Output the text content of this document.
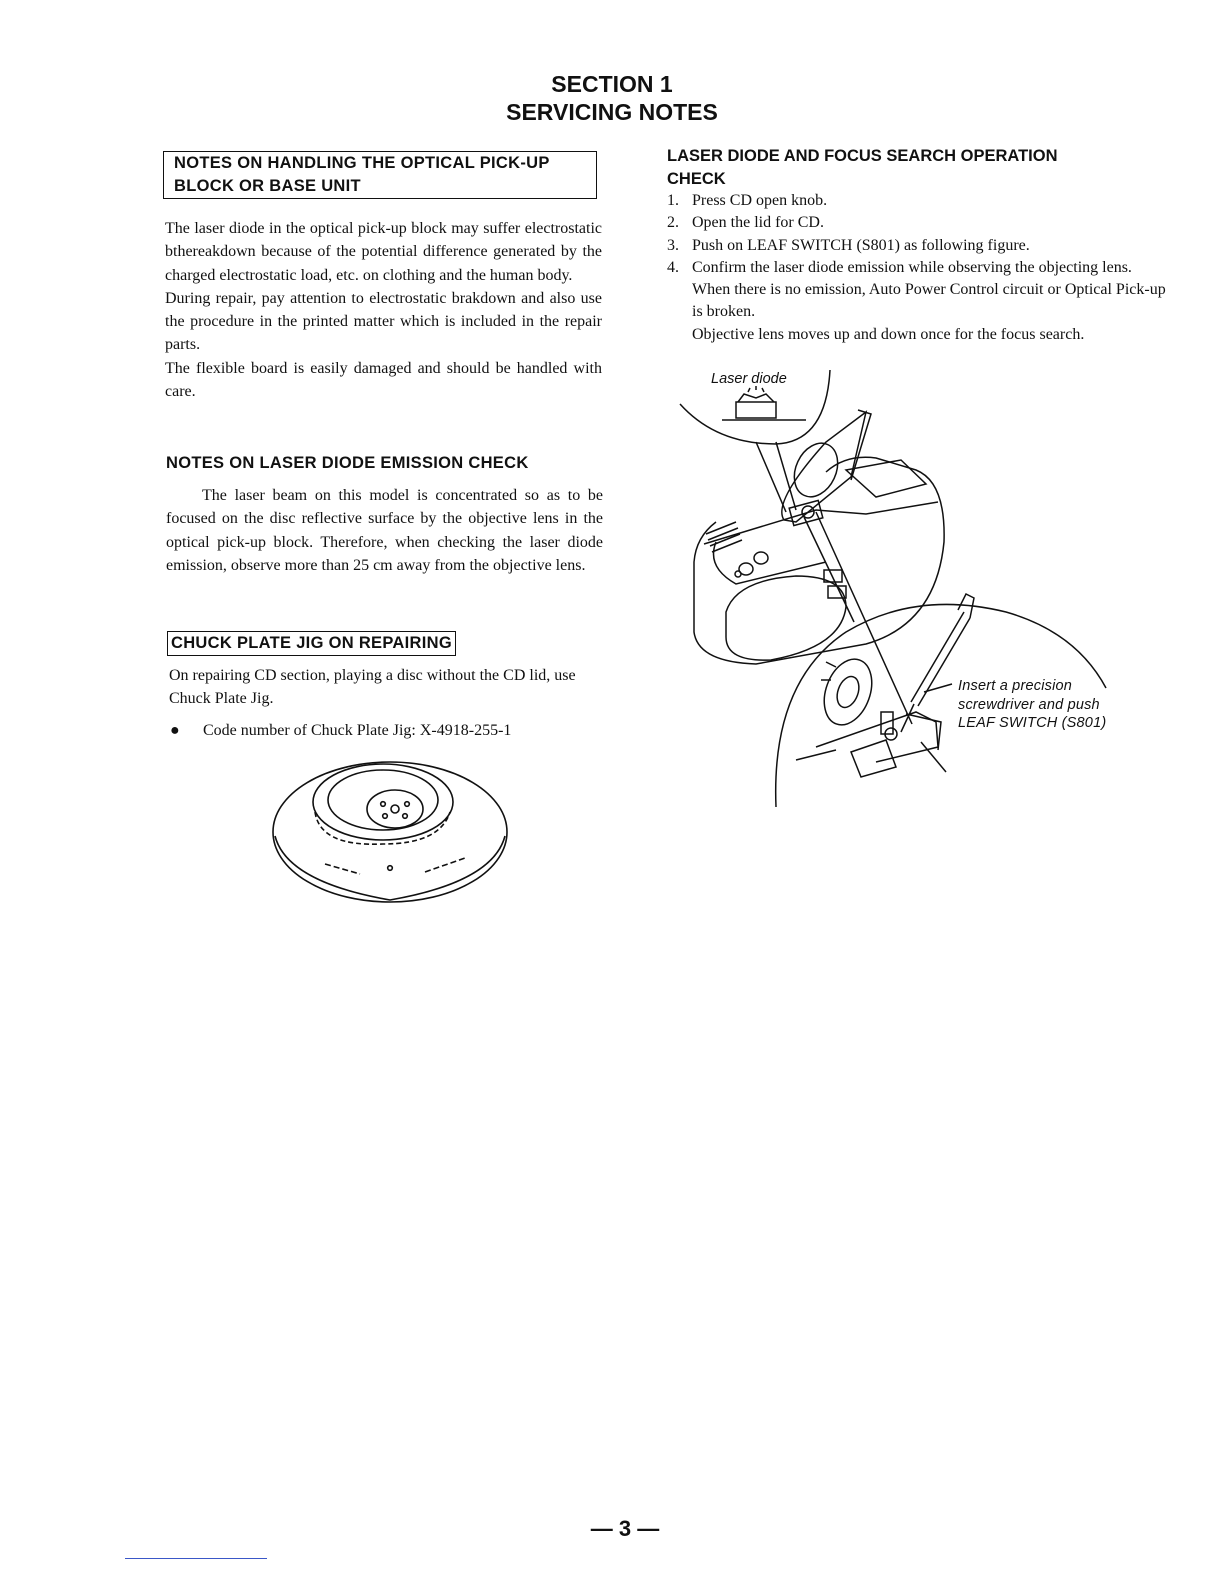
SECTION 1
SERVICING NOTES
NOTES ON HANDLING THE OPTICAL PICK-UP
BLOCK OR BASE UNIT

The laser diode in the optical pick-up block may suffer electrostatic bthereakdown because of the potential difference generated by the charged electrostatic load, etc. on clothing and the human body.

During repair, pay attention to electrostatic brakdown and also use the procedure in the printed matter which is included in the repair parts.

The flexible board is easily damaged and should be handled with care.

NOTES ON LASER DIODE EMISSION CHECK
The laser beam on this model is concentrated so as to be focused on the disc reflective surface by the objective lens in the optical pick-up block. Therefore, when checking the laser diode emission, observe more than 25 cm away from the objective lens.
CHUCK PLATE JIG ON REPAIRING
On repairing CD section, playing a disc without the CD lid, use Chuck Plate Jig.
●	Code number of Chuck Plate Jig: X-4918-255-1
LASER DIODE AND FOCUS SEARCH OPERATION
CHECK
1. Press CD open knob.
2. Open the lid for CD.
3. Push on LEAF SWITCH (S801) as following figure.
4. Confirm the laser diode emission while observing the objecting lens. When there is no emission, Auto Power Control circuit or Optical Pick-up is broken.
Objective lens moves up and down once for the focus search.
Laser diode
Insert a precision
screwdriver and push
LEAF SWITCH (S801)
— 3 —
